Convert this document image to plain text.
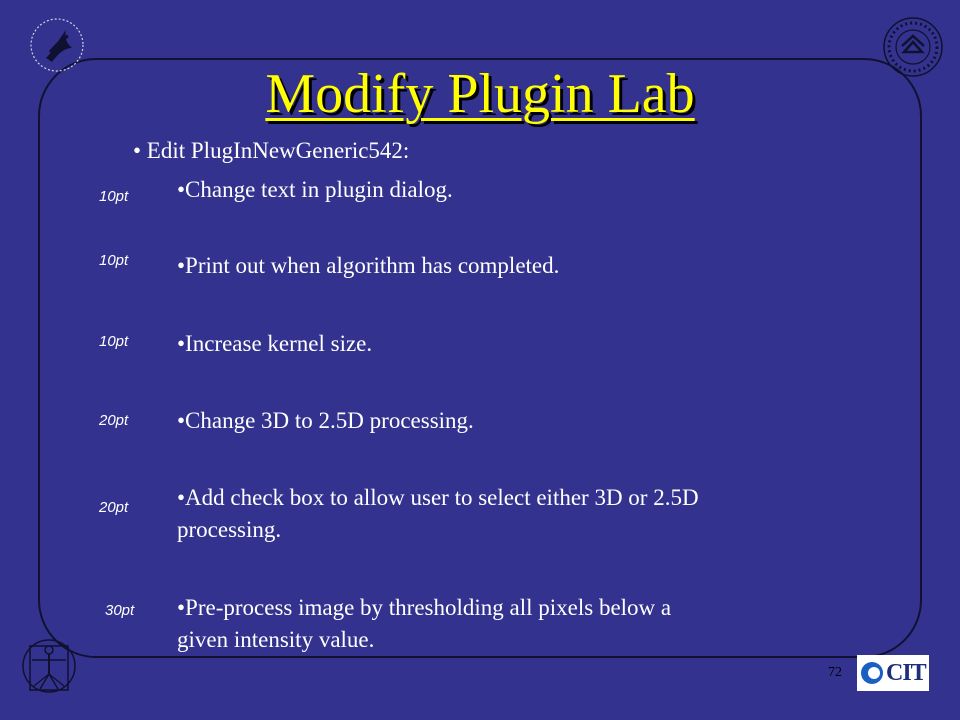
Modify Plugin Lab
• Edit PlugInNewGeneric542:
10pt
10pt
10pt
20pt
20pt
30pt
•Change text in plugin dialog.
•Print out when algorithm has completed.
•Increase kernel size.
•Change 3D to 2.5D processing.
•Add check box to allow user to select either 3D or 2.5D
processing.
•Pre-process image by thresholding all pixels below a
given intensity value.
72 CIT
